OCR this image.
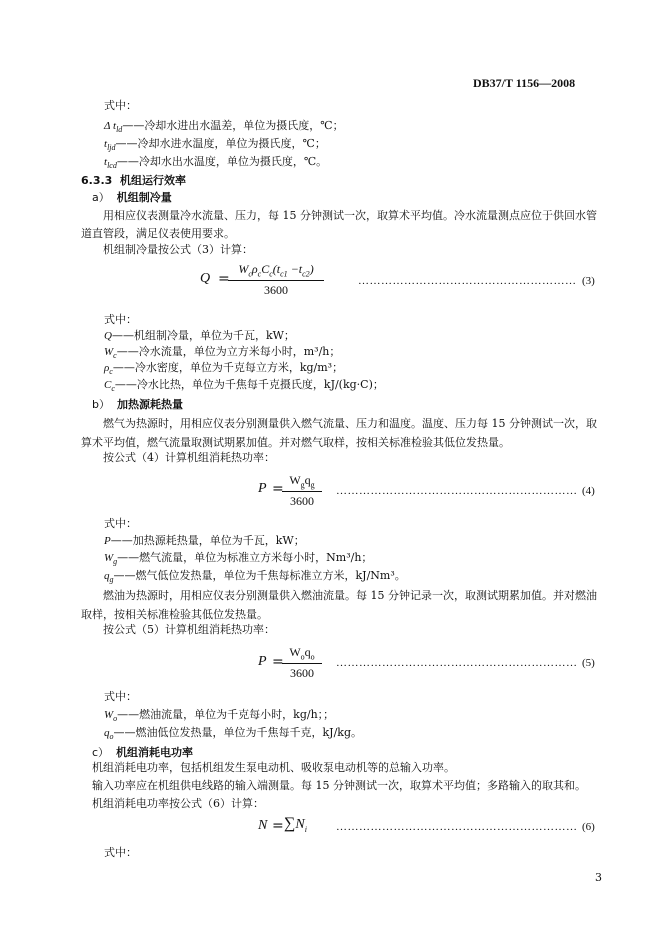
DB37/T 1156—2008
式中：
Δ $t_{ld}——$冷却水进出水温差，单位为摄氏度，℃；
$t_{ljd}——$冷却水进水温度，单位为摄氏度，℃；
$t_{lcd}——$冷却水出水温度，单位为摄氏度，℃。
6.3.3 机组运行效率
a） 机组制冷量
用相应仪表测量冷水流量、压力，每 15 分钟测试一次，取算术平均值。冷水流量测点应位于供回水管道直管段，满足仪表使用要求。
机组制冷量按公式（3）计算：
Q =
$W_c\rho_cC_c(t_{c1} -t_{c2})$
3600
………………………………………………… (3)
式中：
Q——机组制冷量，单位为千瓦，kW；
$W_c——$冷水流量，单位为立方米每小时，m³/h；
$\rho_c——$冷水密度，单位为千克每立方米，kg/m³；
$C_c——$冷水比热，单位为千焦每千克摄氏度，kJ/(kg·C)；
b） 加热源耗热量
燃气为热源时，用相应仪表分别测量供入燃气流量、压力和温度。温度、压力每 15 分钟测试一次，取算术平均值，燃气流量取测试期累加值。并对燃气取样，按相关标准检验其低位发热量。
按公式（4）计算机组消耗热功率：
P =
$W_gq_g$
3600
……………………………………………………… (4)
式中：
P——加热源耗热量，单位为千瓦，kW；
$W_g——$燃气流量，单位为标准立方米每小时，Nm³/h；
$q_g——$燃气低位发热量，单位为千焦每标准立方米，kJ/Nm³。
燃油为热源时，用相应仪表分别测量供入燃油流量。每 15 分钟记录一次，取测试期累加值。并对燃油取样，按相关标准检验其低位发热量。
按公式（5）计算机组消耗热功率：
P =
$W_oq_o$
3600
……………………………………………………… (5)
式中：
$W_o——$燃油流量，单位为千克每小时，kg/h；；
$q_o——$燃油低位发热量，单位为千焦每千克，kJ/kg。
c） 机组消耗电功率
机组消耗电功率，包括机组发生泵电动机、吸收泵电动机等的总输入功率。
输入功率应在机组供电线路的输入端测量。每 15 分钟测试一次，取算术平均值；多路输入的取其和。
机组消耗电功率按公式（6）计算：
$N = \sum N_i$	……………………………………………………… (6)
式中：
3
